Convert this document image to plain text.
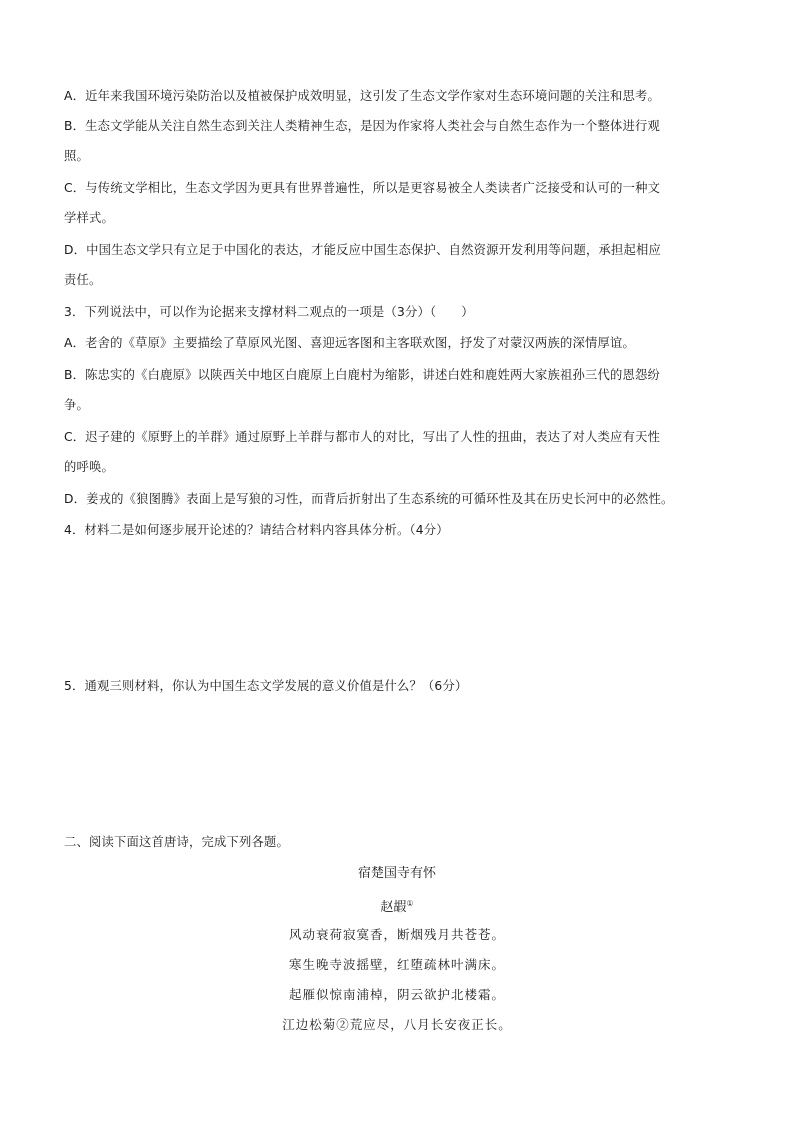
A．近年来我国环境污染防治以及植被保护成效明显，这引发了生态文学作家对生态环境问题的关注和思考。
B．生态文学能从关注自然生态到关注人类精神生态，是因为作家将人类社会与自然生态作为一个整体进行观
照。
C．与传统文学相比，生态文学因为更具有世界普遍性，所以是更容易被全人类读者广泛接受和认可的一种文
学样式。
D．中国生态文学只有立足于中国化的表达，才能反应中国生态保护、自然资源开发利用等问题，承担起相应
责任。
3．下列说法中，可以作为论据来支撑材料二观点的一项是（3分）（　　）
A．老舍的《草原》主要描绘了草原风光图、喜迎远客图和主客联欢图，抒发了对蒙汉两族的深情厚谊。
B．陈忠实的《白鹿原》以陕西关中地区白鹿原上白鹿村为缩影，讲述白姓和鹿姓两大家族祖孙三代的恩怨纷
争。
C．迟子建的《原野上的羊群》通过原野上羊群与都市人的对比，写出了人性的扭曲，表达了对人类应有天性
的呼唤。
D．姜戎的《狼图腾》表面上是写狼的习性，而背后折射出了生态系统的可循环性及其在历史长河中的必然性。
4．材料二是如何逐步展开论述的？请结合材料内容具体分析。（4分）
5．通观三则材料，你认为中国生态文学发展的意义价值是什么？（6分）
二、阅读下面这首唐诗，完成下列各题。
宿楚国寺有怀
赵嘏①
风动衰荷寂寞香，断烟残月共苍苍。
寒生晚寺波摇壁，红堕疏林叶满床。
起雁似惊南浦棹，阴云欲护北楼霜。
江边松菊②荒应尽，八月长安夜正长。
